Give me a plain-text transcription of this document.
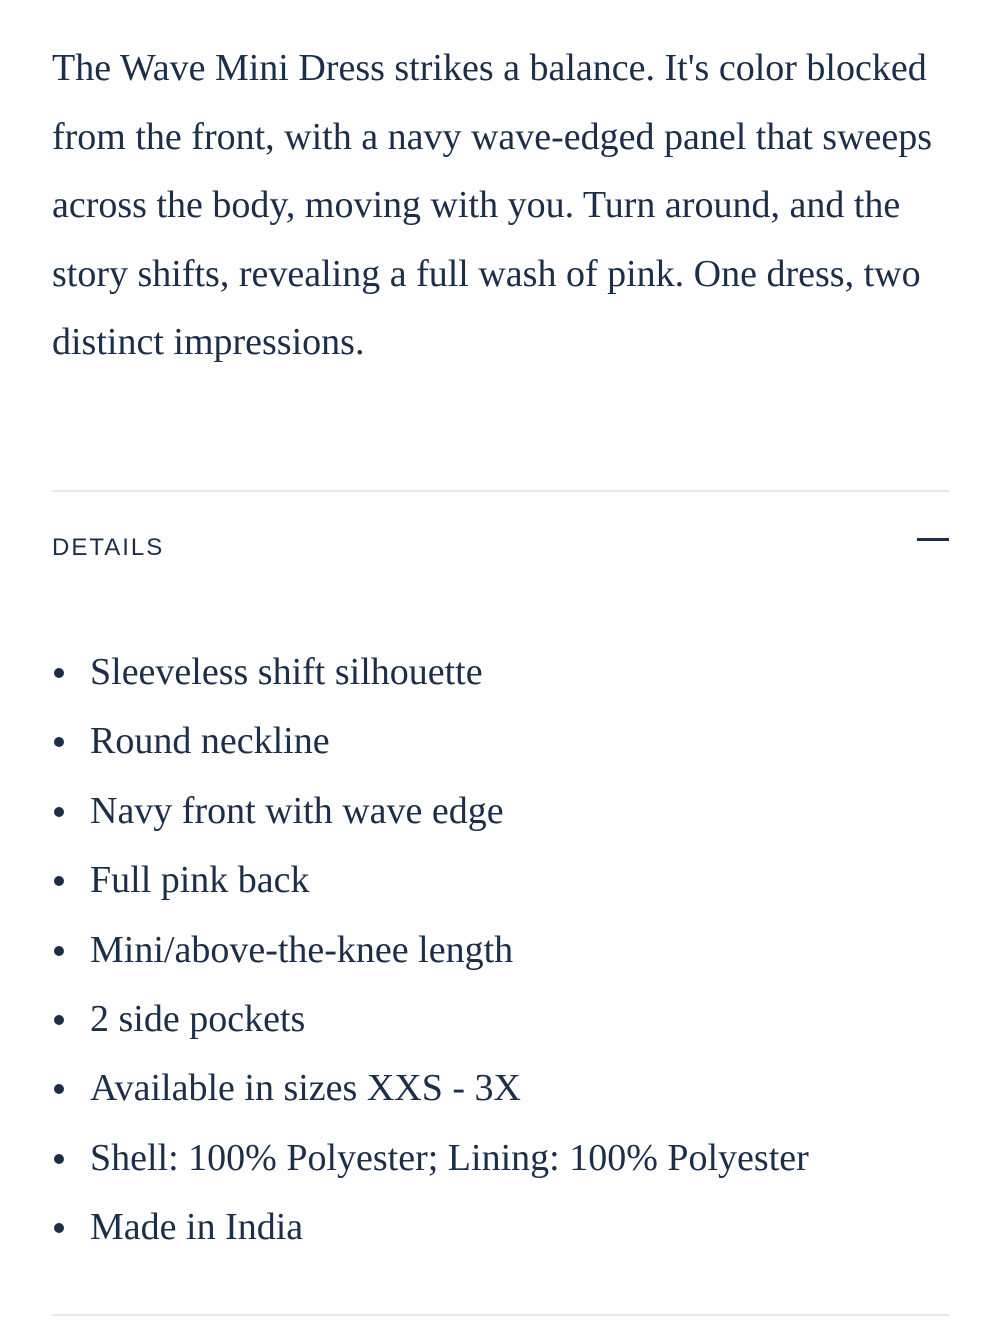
The Wave Mini Dress strikes a balance. It's color blocked from the front, with a navy wave-edged panel that sweeps across the body, moving with you. Turn around, and the story shifts, revealing a full wash of pink. One dress, two distinct impressions.

DETAILS
Sleeveless shift silhouette
Round neckline
Navy front with wave edge
Full pink back
Mini/above-the-knee length
2 side pockets
Available in sizes XXS - 3X
Shell: 100% Polyester; Lining: 100% Polyester
Made in India
